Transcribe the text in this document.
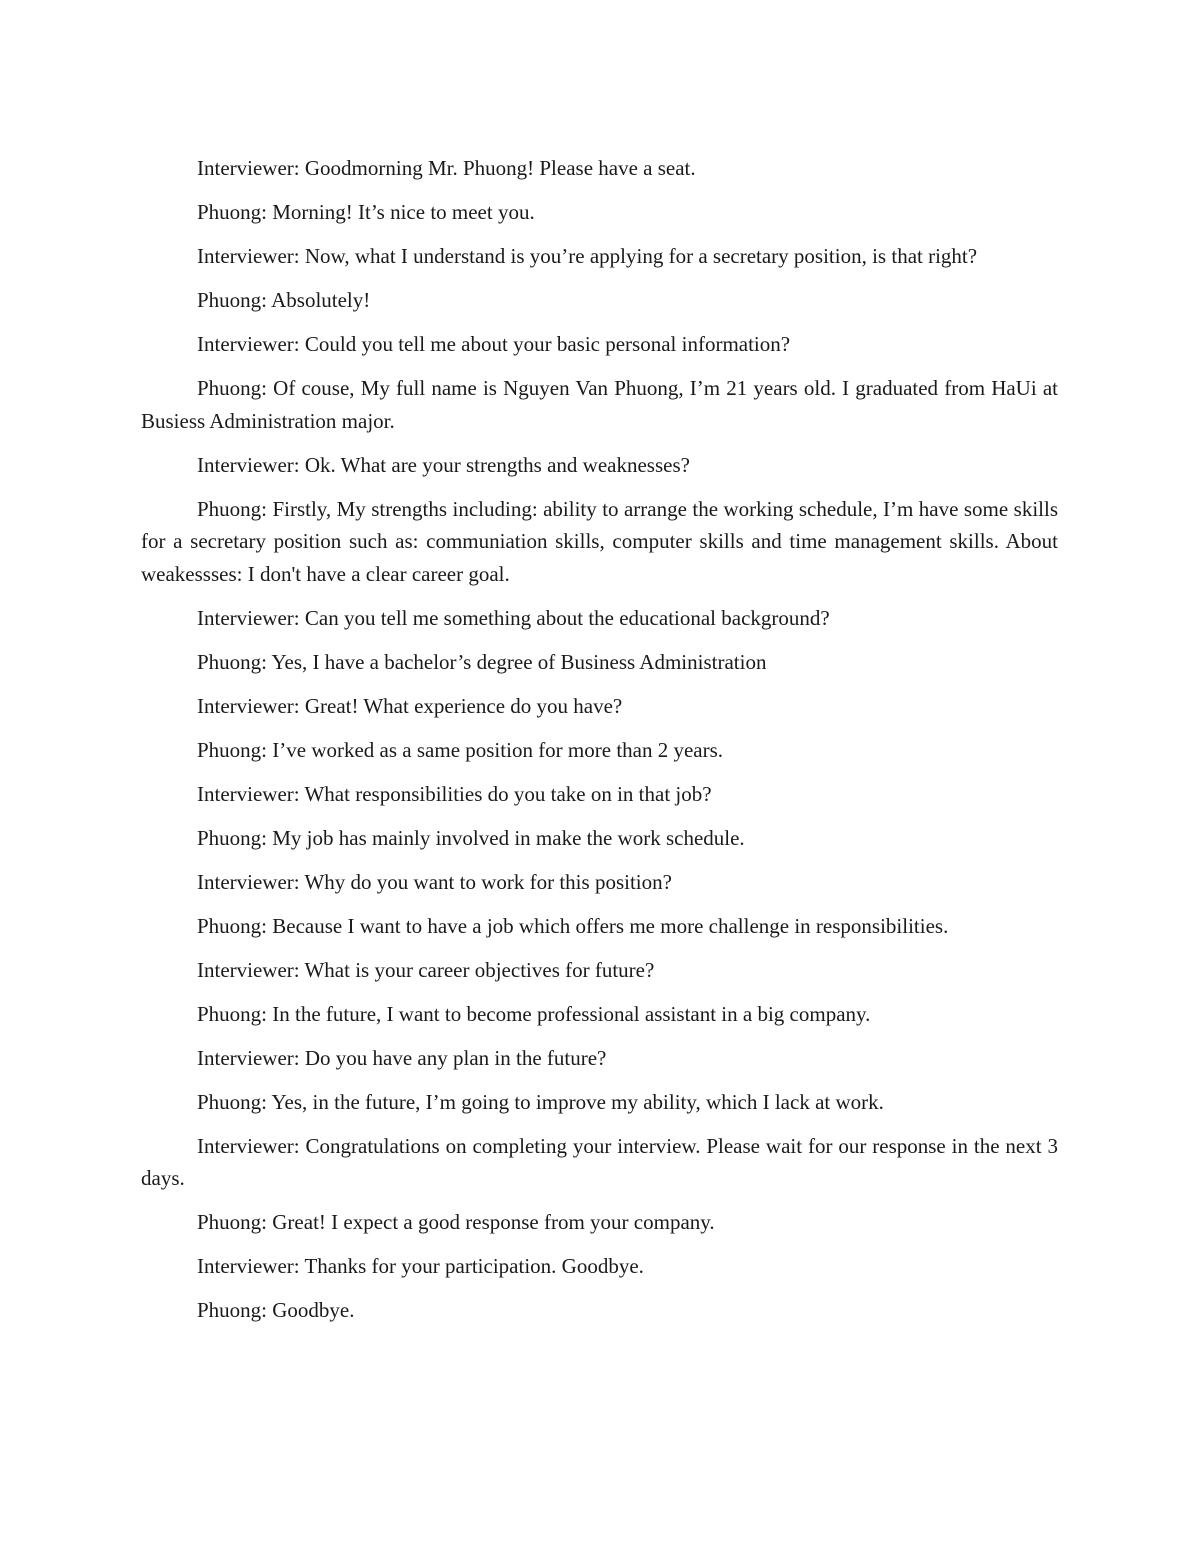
Interviewer: Goodmorning Mr. Phuong! Please have a seat.

Phuong: Morning! It’s nice to meet you.

Interviewer: Now, what I understand is you’re applying for a secretary position, is that right?

Phuong: Absolutely!

Interviewer: Could you tell me about your basic personal information?

Phuong: Of couse, My full name is Nguyen Van Phuong, I’m 21 years old. I graduated from HaUi at Busiess Administration major.

Interviewer: Ok. What are your strengths and weaknesses?

Phuong: Firstly, My strengths including: ability to arrange the working schedule, I’m have some skills for a secretary position such as: communiation skills, computer skills and time management skills. About weakessses: I don't have a clear career goal.

Interviewer: Can you tell me something about the educational background?

Phuong: Yes, I have a bachelor’s degree of Business Administration

Interviewer: Great! What experience do you have?

Phuong: I’ve worked as a same position for more than 2 years.

Interviewer: What responsibilities do you take on in that job?

Phuong: My job has mainly involved in make the work schedule.

Interviewer: Why do you want to work for this position?

Phuong: Because I want to have a job which offers me more challenge in responsibilities.

Interviewer: What is your career objectives for future?

Phuong: In the future, I want to become professional assistant in a big company.

Interviewer: Do you have any plan in the future?

Phuong: Yes, in the future, I’m going to improve my ability, which I lack at work.

Interviewer: Congratulations on completing your interview. Please wait for our response in the next 3 days.

Phuong: Great! I expect a good response from your company.

Interviewer: Thanks for your participation. Goodbye.

Phuong: Goodbye.
